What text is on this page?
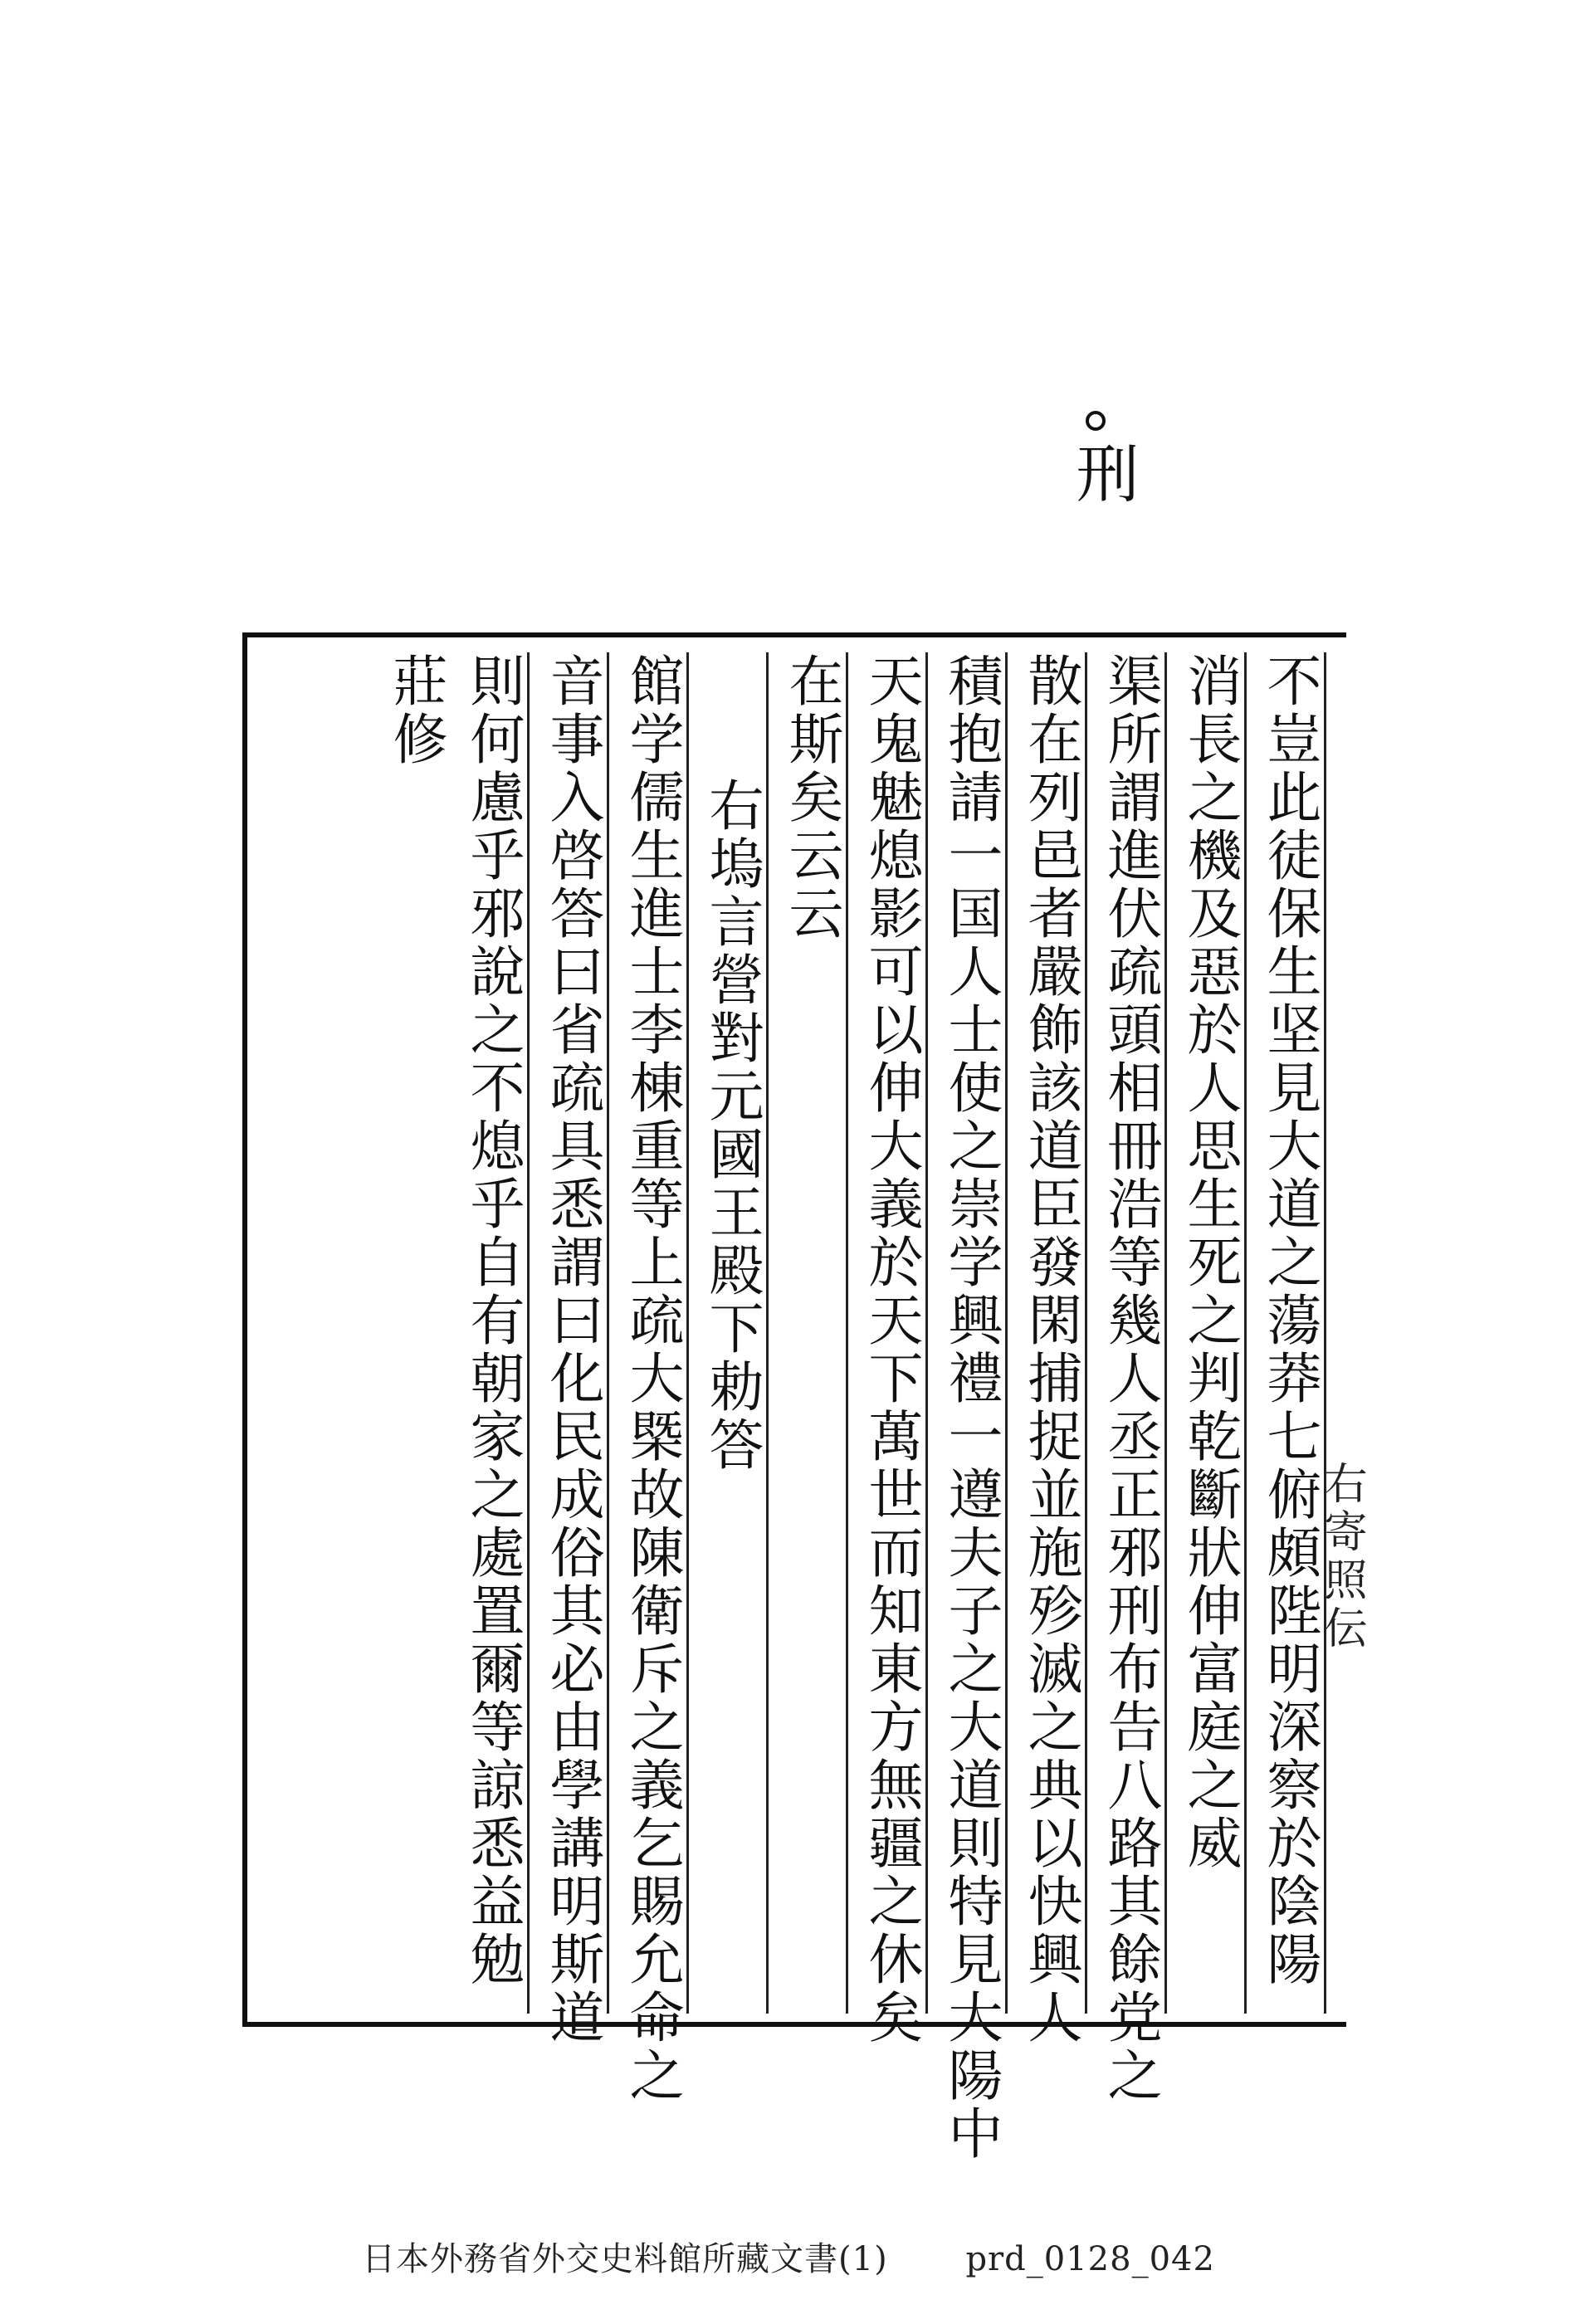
刑
不豈此徒保生坚見大道之蕩莽七俯頗陛明深察於陰陽
消長之機及惡於人思生死之判乾斷狀伸富庭之威
渠所謂進伏疏頭相冊浩等幾人丞正邪刑布告八路其餘党之
散在列邑者嚴飾該道臣發閑捕捉並施殄滅之典以快興人
積抱請一国人士使之崇学興禮一遵夫子之大道則特見大陽中
天鬼魅熄影可以伸大義於天下萬世而知東方無疆之休矣
在斯矣云云
右塢言營對元國王殿下勅答
館学儒生進士李棟重等上疏大槩故陳衛斥之義乞賜允命之
音事入啓答曰省疏具悉謂曰化民成俗其必由學講明斯道
則何慮乎邪說之不熄乎自有朝家之處置爾等諒悉益勉
莊修
右寄照伝
日本外務省外交史料館所藏文書(1) prd_0128_042
